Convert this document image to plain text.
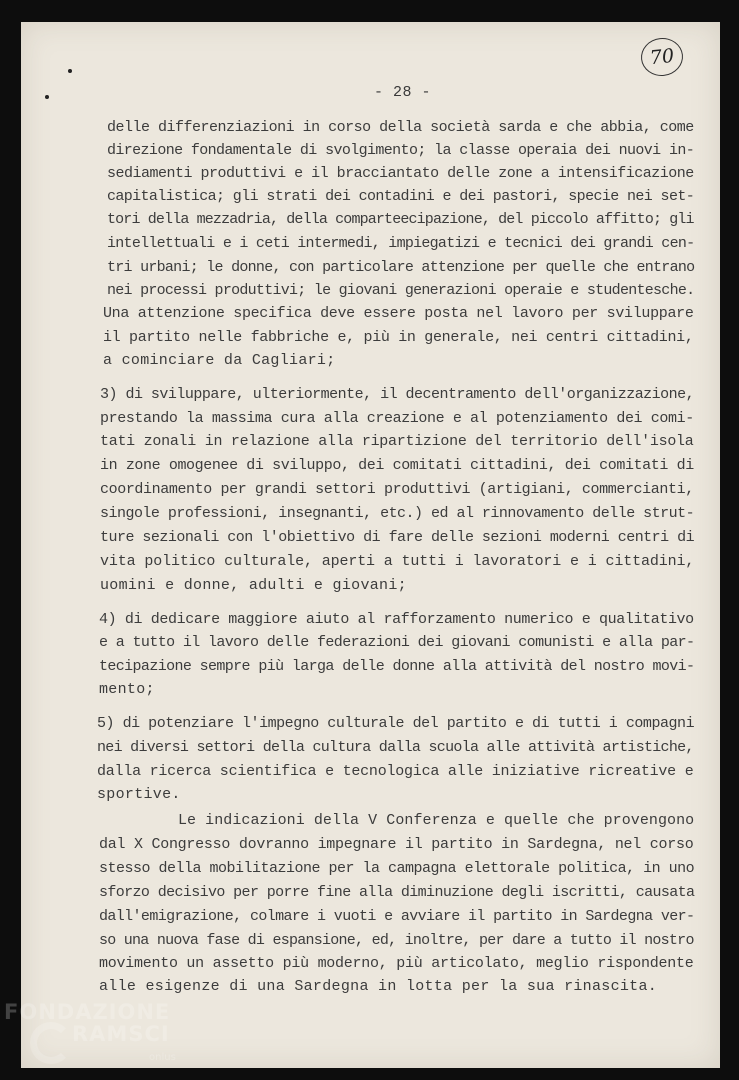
70
- 28 -
delle differenziazioni in corso della società sarda e che abbia, come
direzione fondamentale di svolgimento; la classe operaia dei nuovi in-
sediamenti produttivi e il bracciantato delle zone a intensificazione
capitalistica; gli strati dei contadini e dei pastori, specie nei set-
tori della mezzadria, della comparteecipazione, del piccolo affitto; gli
intellettuali e i ceti intermedi, impiegatizi e tecnici dei grandi cen-
tri urbani; le donne, con particolare attenzione per quelle che entrano
nei processi produttivi; le giovani generazioni operaie e studentesche.
Una attenzione specifica deve essere posta nel lavoro per sviluppare
il partito nelle fabbriche e, più in generale, nei centri cittadini,
a cominciare da Cagliari;
3) di sviluppare, ulteriormente, il decentramento dell'organizzazione,
prestando la massima cura alla creazione e al potenziamento dei comi-
tati zonali in relazione alla ripartizione del territorio dell'isola
in zone omogenee di sviluppo, dei comitati cittadini, dei comitati di
coordinamento per grandi settori produttivi (artigiani, commercianti,
singole professioni, insegnanti, etc.) ed al rinnovamento delle strut-
ture sezionali con l'obiettivo di fare delle sezioni moderni centri di
vita politico culturale, aperti a tutti i lavoratori e i cittadini,
uomini e donne, adulti e giovani;
4) di dedicare maggiore aiuto al rafforzamento numerico e qualitativo
e a tutto il lavoro delle federazioni dei giovani comunisti e alla par-
tecipazione sempre più larga delle donne alla attività del nostro movi-
mento;
5) di potenziare l'impegno culturale del partito e di tutti i compagni
nei diversi settori della cultura dalla scuola alle attività artistiche,
dalla ricerca scientifica e tecnologica alle iniziative ricreative e
sportive.
Le indicazioni della V Conferenza e quelle che provengono
dal X Congresso dovranno impegnare il partito in Sardegna, nel corso
stesso della mobilitazione per la campagna elettorale politica, in uno
sforzo decisivo per porre fine alla diminuzione degli iscritti, causata
dall'emigrazione, colmare i vuoti e avviare il partito in Sardegna ver-
so una nuova fase di espansione, ed, inoltre, per dare a tutto il nostro
movimento un assetto più moderno, più articolato, meglio rispondente
alle esigenze di una Sardegna in lotta per la sua rinascita.
FONDAZIONE
RAMSCI
onlus
